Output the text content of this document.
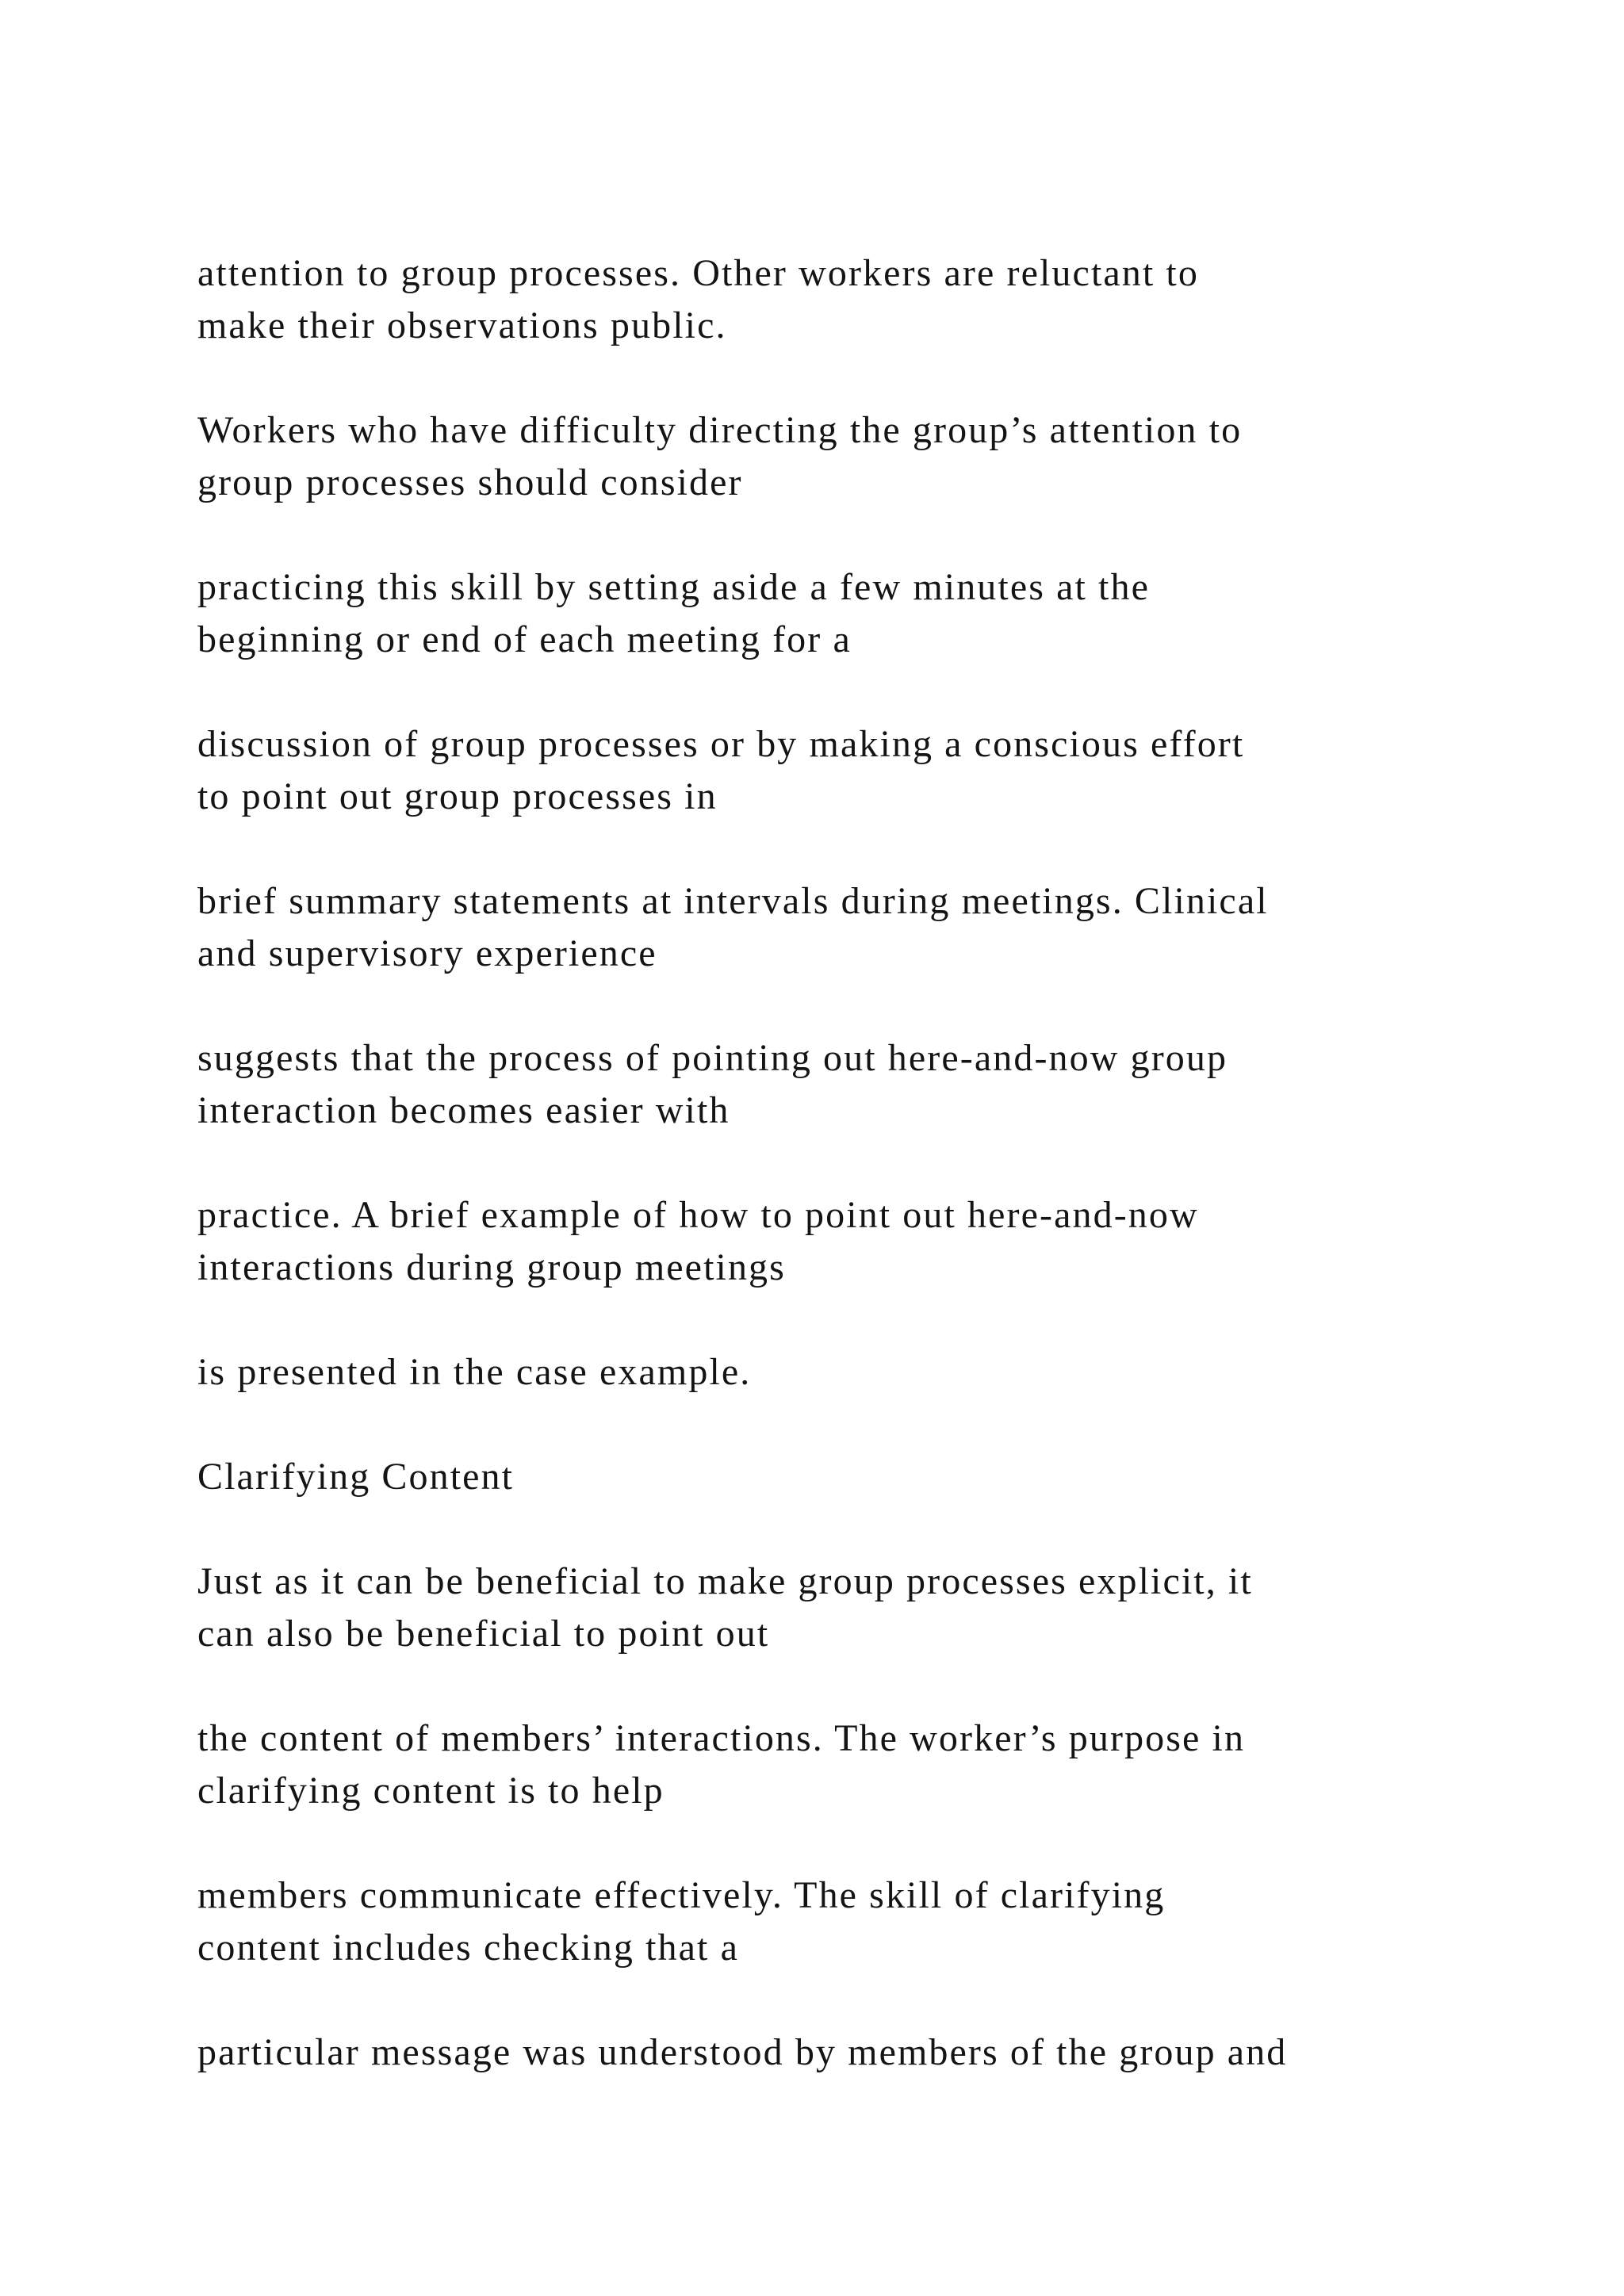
attention to group processes. Other workers are reluctant to
make their observations public.

Workers who have difficulty directing the group’s attention to
group processes should consider

practicing this skill by setting aside a few minutes at the
beginning or end of each meeting for a

discussion of group processes or by making a conscious effort
to point out group processes in

brief summary statements at intervals during meetings. Clinical
and supervisory experience

suggests that the process of pointing out here-and-now group
interaction becomes easier with

practice. A brief example of how to point out here-and-now
interactions during group meetings

is presented in the case example.

Clarifying Content

Just as it can be beneficial to make group processes explicit, it
can also be beneficial to point out

the content of members’ interactions. The worker’s purpose in
clarifying content is to help

members communicate effectively. The skill of clarifying
content includes checking that a

particular message was understood by members of the group and
